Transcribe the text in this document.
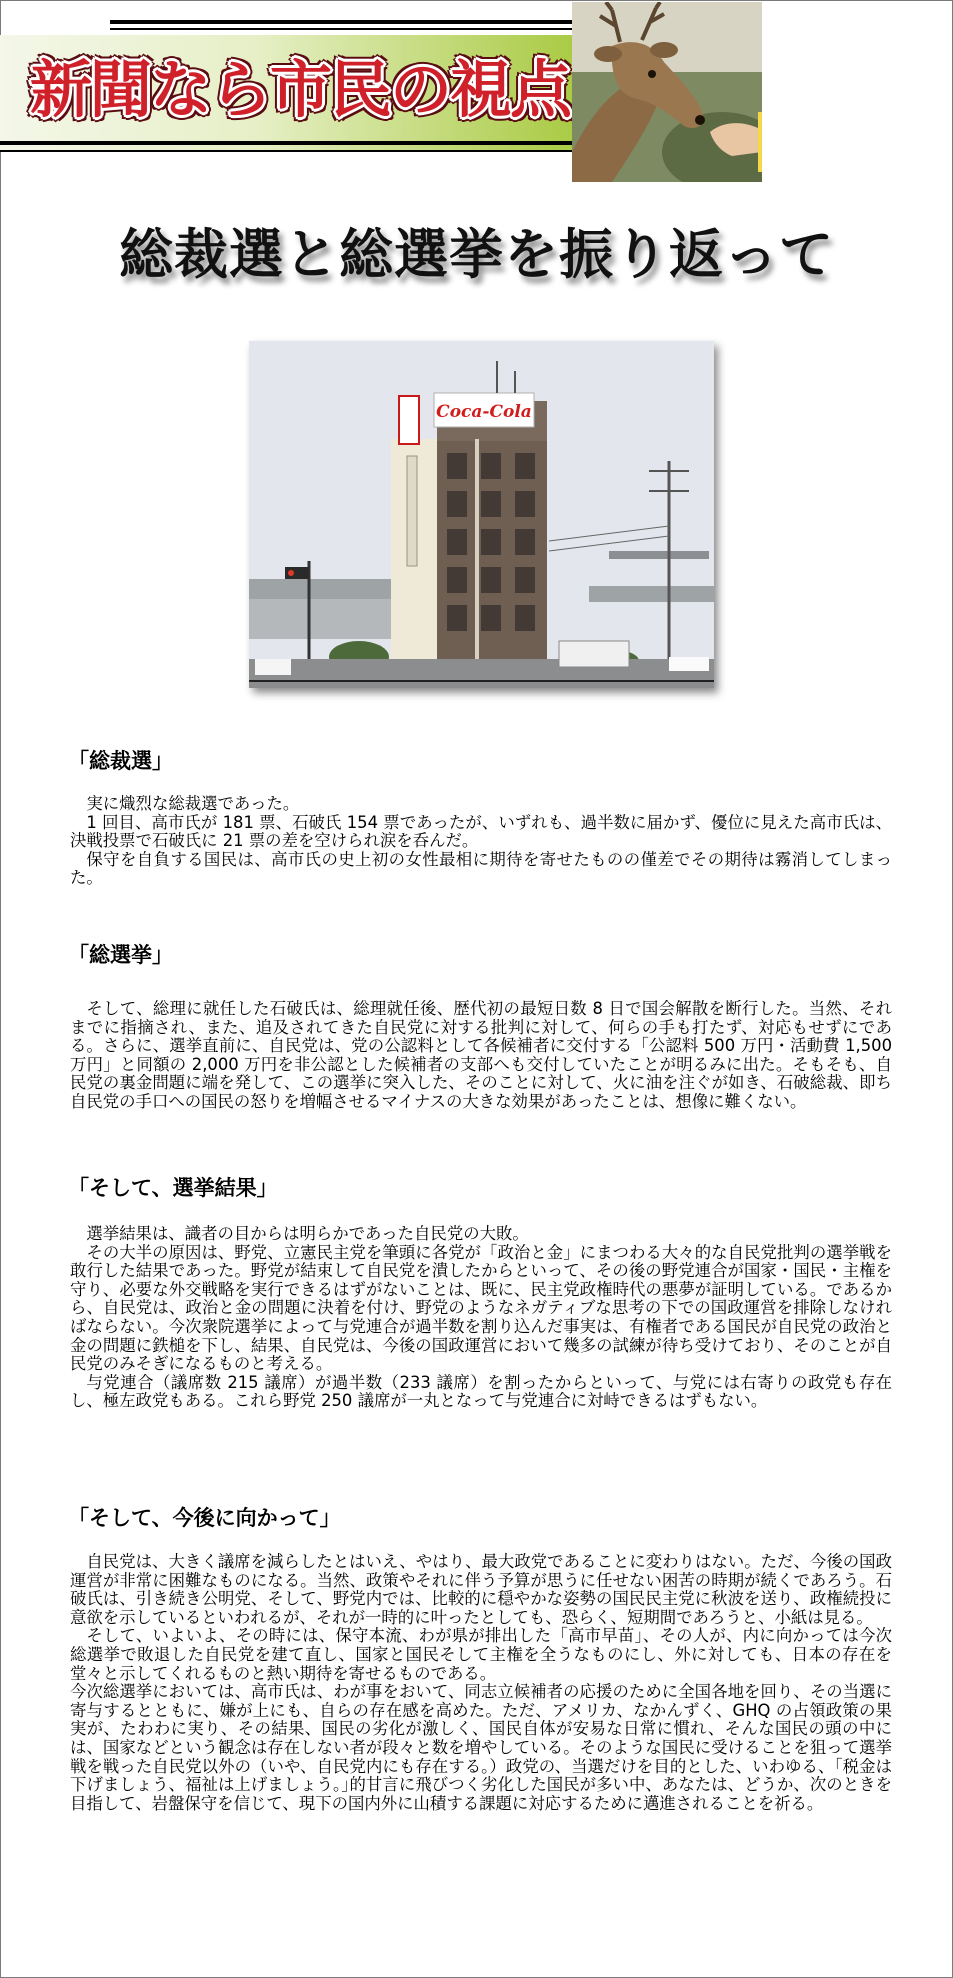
新聞なら市民の視点
総裁選と総選挙を振り返って
Coca-Cola
「総裁選」

実に熾烈な総裁選であった。

1 回目、高市氏が 181 票、石破氏 154 票であったが、いずれも、過半数に届かず、優位に見えた高市氏は、決戦投票で石破氏に 21 票の差を空けられ涙を呑んだ。

保守を自負する国民は、高市氏の史上初の女性最相に期待を寄せたものの僅差でその期待は霧消してしまった。

「総選挙」

そして、総理に就任した石破氏は、総理就任後、歴代初の最短日数 8 日で国会解散を断行した。当然、それまでに指摘され、また、追及されてきた自民党に対する批判に対して、何らの手も打たず、対応もせずにである。さらに、選挙直前に、自民党は、党の公認料として各候補者に交付する「公認料 500 万円・活動費 1,500 万円」と同額の 2,000 万円を非公認とした候補者の支部へも交付していたことが明るみに出た。そもそも、自民党の裏金問題に端を発して、この選挙に突入した、そのことに対して、火に油を注ぐが如き、石破総裁、即ち自民党の手口への国民の怒りを増幅させるマイナスの大きな効果があったことは、想像に難くない。

「そして、選挙結果」

選挙結果は、識者の目からは明らかであった自民党の大敗。

その大半の原因は、野党、立憲民主党を筆頭に各党が「政治と金」にまつわる大々的な自民党批判の選挙戦を敢行した結果であった。野党が結束して自民党を潰したからといって、その後の野党連合が国家・国民・主権を守り、必要な外交戦略を実行できるはずがないことは、既に、民主党政権時代の悪夢が証明している。であるから、自民党は、政治と金の問題に決着を付け、野党のようなネガティブな思考の下での国政運営を排除しなければならない。今次衆院選挙によって与党連合が過半数を割り込んだ事実は、有権者である国民が自民党の政治と金の問題に鉄槌を下し、結果、自民党は、今後の国政運営において幾多の試練が待ち受けており、そのことが自民党のみそぎになるものと考える。

与党連合（議席数 215 議席）が過半数（233 議席）を割ったからといって、与党には右寄りの政党も存在し、極左政党もある。これら野党 250 議席が一丸となって与党連合に対峙できるはずもない。

「そして、今後に向かって」

自民党は、大きく議席を減らしたとはいえ、やはり、最大政党であることに変わりはない。ただ、今後の国政運営が非常に困難なものになる。当然、政策やそれに伴う予算が思うに任せない困苦の時期が続くであろう。石破氏は、引き続き公明党、そして、野党内では、比較的に穏やかな姿勢の国民民主党に秋波を送り、政権続投に意欲を示しているといわれるが、それが一時的に叶ったとしても、恐らく、短期間であろうと、小紙は見る。

そして、いよいよ、その時には、保守本流、わが県が排出した「高市早苗」、その人が、内に向かっては今次総選挙で敗退した自民党を建て直し、国家と国民そして主権を全うなものにし、外に対しても、日本の存在を堂々と示してくれるものと熱い期待を寄せるものである。

今次総選挙においては、高市氏は、わが事をおいて、同志立候補者の応援のために全国各地を回り、その当選に寄与するとともに、嫌が上にも、自らの存在感を高めた。ただ、アメリカ、なかんずく、GHQ の占領政策の果実が、たわわに実り、その結果、国民の劣化が激しく、国民自体が安易な日常に慣れ、そんな国民の頭の中には、国家などという観念は存在しない者が段々と数を増やしている。そのような国民に受けることを狙って選挙戦を戦った自民党以外の（いや、自民党内にも存在する。）政党の、当選だけを目的とした、いわゆる、｢税金は下げましょう、福祉は上げましょう。｣的甘言に飛びつく劣化した国民が多い中、あなたは、どうか、次のときを目指して、岩盤保守を信じて、現下の国内外に山積する課題に対応するために邁進されることを祈る。
